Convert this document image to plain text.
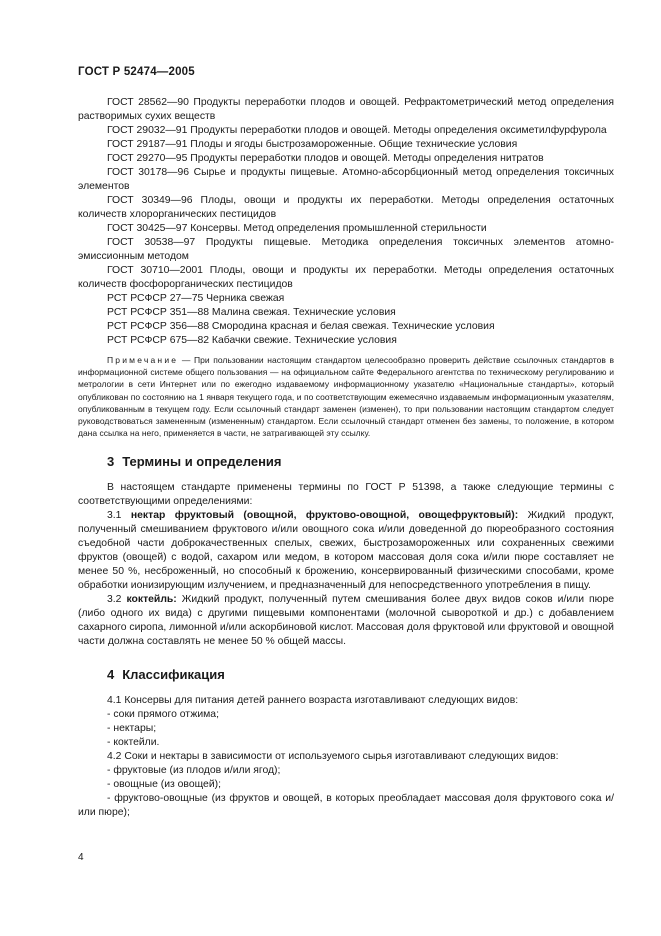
ГОСТ Р 52474—2005

ГОСТ 28562—90 Продукты переработки плодов и овощей. Рефрактометрический метод определения растворимых сухих веществ

ГОСТ 29032—91 Продукты переработки плодов и овощей. Методы определения оксиметилфурфурола

ГОСТ 29187—91 Плоды и ягоды быстрозамороженные. Общие технические условия

ГОСТ 29270—95 Продукты переработки плодов и овощей. Методы определения нитратов

ГОСТ 30178—96 Сырье и продукты пищевые. Атомно-абсорбционный метод определения токсичных элементов

ГОСТ 30349—96 Плоды, овощи и продукты их переработки. Методы определения остаточных количеств хлорорганических пестицидов

ГОСТ 30425—97 Консервы. Метод определения промышленной стерильности

ГОСТ 30538—97 Продукты пищевые. Методика определения токсичных элементов атомно-эмиссионным методом

ГОСТ 30710—2001 Плоды, овощи и продукты их переработки. Методы определения остаточных количеств фосфорорганических пестицидов

РСТ РСФСР 27—75 Черника свежая

РСТ РСФСР 351—88 Малина свежая. Технические условия

РСТ РСФСР 356—88 Смородина красная и белая свежая. Технические условия

РСТ РСФСР 675—82 Кабачки свежие. Технические условия

Примечание — При пользовании настоящим стандартом целесообразно проверить действие ссылочных стандартов в информационной системе общего пользования — на официальном сайте Федерального агентства по техническому регулированию и метрологии в сети Интернет или по ежегодно издаваемому информационному указателю «Национальные стандарты», который опубликован по состоянию на 1 января текущего года, и по соответствующим ежемесячно издаваемым информационным указателям, опубликованным в текущем году. Если ссылочный стандарт заменен (изменен), то при пользовании настоящим стандартом следует руководствоваться замененным (измененным) стандартом. Если ссылочный стандарт отменен без замены, то положение, в котором дана ссылка на него, применяется в части, не затрагивающей эту ссылку.

3 Термины и определения

В настоящем стандарте применены термины по ГОСТ Р 51398, а также следующие термины с соответствующими определениями:

3.1 нектар фруктовый (овощной, фруктово-овощной, овощефруктовый): Жидкий продукт, полученный смешиванием фруктового и/или овощного сока и/или доведенной до пюреобразного состояния съедобной части доброкачественных спелых, свежих, быстрозамороженных или сохраненных свежими фруктов (овощей) с водой, сахаром или медом, в котором массовая доля сока и/или пюре составляет не менее 50 %, несброженный, но способный к брожению, консервированный физическими способами, кроме обработки ионизирующим излучением, и предназначенный для непосредственного употребления в пищу.

3.2 коктейль: Жидкий продукт, полученный путем смешивания более двух видов соков и/или пюре (либо одного их вида) с другими пищевыми компонентами (молочной сывороткой и др.) с добавлением сахарного сиропа, лимонной и/или аскорбиновой кислот. Массовая доля фруктовой или фруктовой и овощной части должна составлять не менее 50 % общей массы.

4 Классификация

4.1 Консервы для питания детей раннего возраста изготавливают следующих видов:

- соки прямого отжима;

- нектары;

- коктейли.

4.2 Соки и нектары в зависимости от используемого сырья изготавливают следующих видов:

- фруктовые (из плодов и/или ягод);

- овощные (из овощей);

- фруктово-овощные (из фруктов и овощей, в которых преобладает массовая доля фруктового сока и/или пюре);

4
